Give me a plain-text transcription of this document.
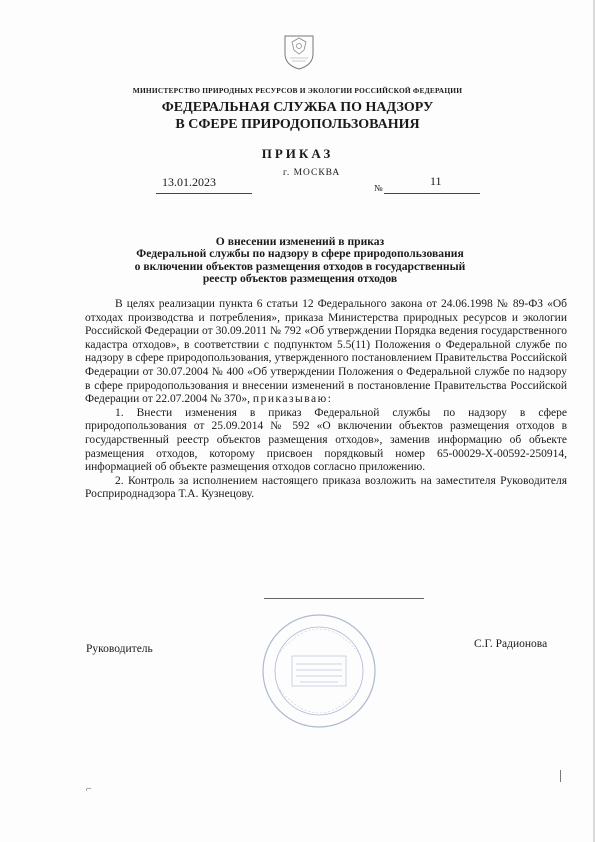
МИНИСТЕРСТВО ПРИРОДНЫХ РЕСУРСОВ И ЭКОЛОГИИ РОССИЙСКОЙ ФЕДЕРАЦИИ
ФЕДЕРАЛЬНАЯ СЛУЖБА ПО НАДЗОРУ
В СФЕРЕ ПРИРОДОПОЛЬЗОВАНИЯ
ПРИКАЗ
13.01.2023
г. МОСКВА
№	11
О внесении изменений в приказ
Федеральной службы по надзору в сфере природопользования
о включении объектов размещения отходов в государственный
реестр объектов размещения отходов

В целях реализации пункта 6 статьи 12 Федерального закона от 24.06.1998 № 89-ФЗ «Об отходах производства и потребления», приказа Министерства природных ресурсов и экологии Российской Федерации от 30.09.2011 № 792 «Об утверждении Порядка ведения государственного кадастра отходов», в соответствии с подпунктом 5.5(11) Положения о Федеральной службе по надзору в сфере природопользования, утвержденного постановлением Правительства Российской Федерации от 30.07.2004 № 400 «Об утверждении Положения о Федеральной службе по надзору в сфере природопользования и внесении изменений в постановление Правительства Российской Федерации от 22.07.2004 № 370», приказываю:

1. Внести изменения в приказ Федеральной службы по надзору в сфере природопользования от 25.09.2014 № 592 «О включении объектов размещения отходов в государственный реестр объектов размещения отходов», заменив информацию об объекте размещения отходов, которому присвоен порядковый номер 65-00029-Х-00592-250914, информацией об объекте размещения отходов согласно приложению.

2. Контроль за исполнением настоящего приказа возложить на заместителя Руководителя Росприроднадзора Т.А. Кузнецову.

Руководитель	С.Г. Радионова
⌐
